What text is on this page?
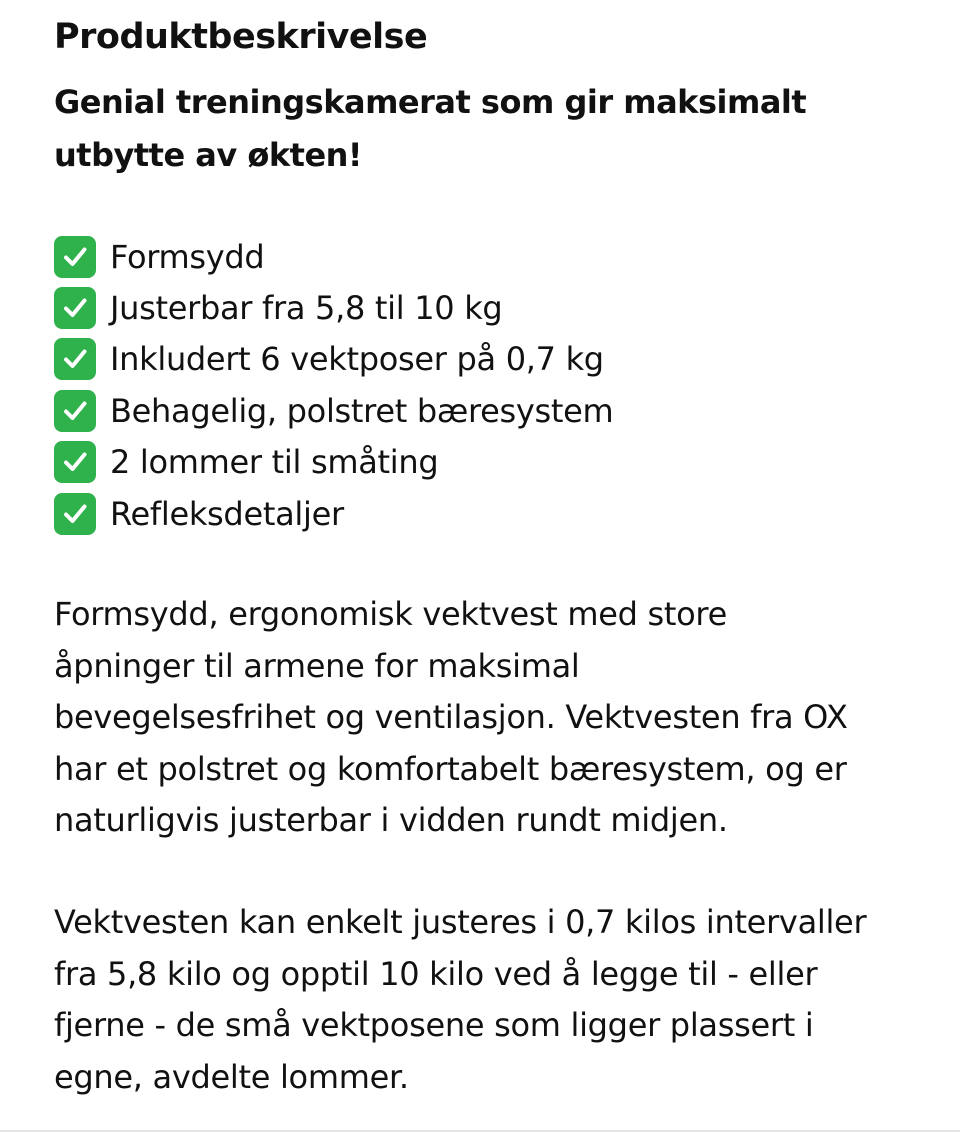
Produktbeskrivelse
Genial treningskamerat som gir maksimalt
utbytte av økten!
Formsydd
Justerbar fra 5,8 til 10 kg
Inkludert 6 vektposer på 0,7 kg
Behagelig, polstret bæresystem
2 lommer til småting
Refleksdetaljer
Formsydd, ergonomisk vektvest med store
åpninger til armene for maksimal
bevegelsesfrihet og ventilasjon. Vektvesten fra OX
har et polstret og komfortabelt bæresystem, og er
naturligvis justerbar i vidden rundt midjen.
Vektvesten kan enkelt justeres i 0,7 kilos intervaller
fra 5,8 kilo og opptil 10 kilo ved å legge til - eller
fjerne - de små vektposene som ligger plassert i
egne, avdelte lommer.
